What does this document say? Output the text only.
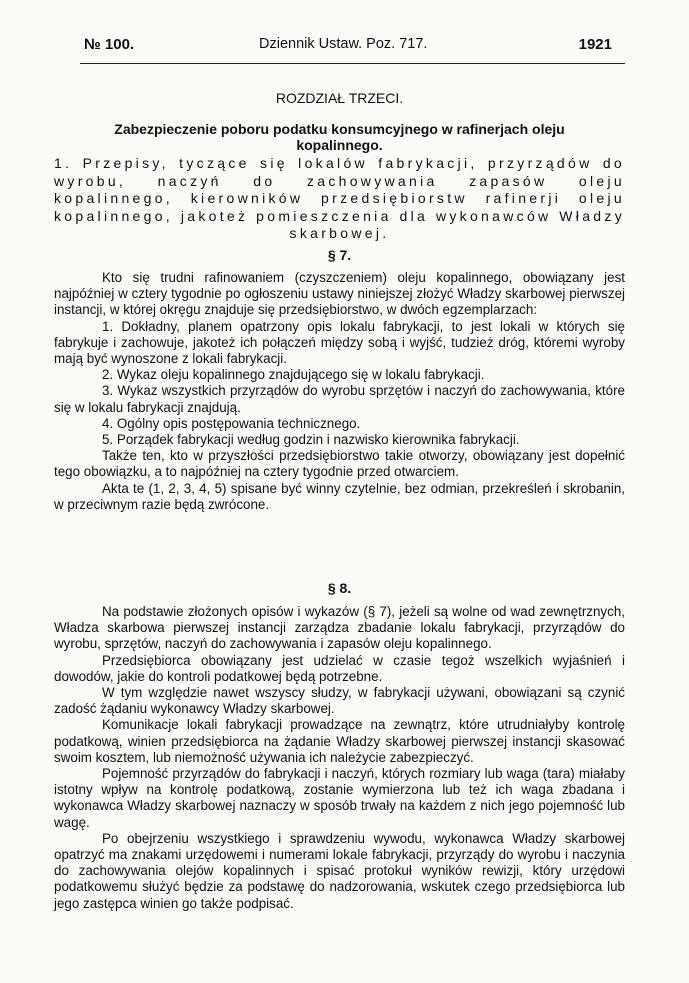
№ 100.	Dziennik Ustaw. Poz. 717.	1921
ROZDZIAŁ TRZECI.
Zabezpieczenie poboru podatku konsumcyjnego w rafinerjach oleju kopalinnego.
1. Przepisy, tyczące się lokalów fabrykacji, przyrządów do wyrobu, naczyń do zachowywania zapasów oleju kopalinnego, kierowników przedsiębiorstw rafinerji oleju kopalinnego, jakoteż pomieszczenia dla wykonawców Władzy skarbowej.
§ 7.

Kto się trudni rafinowaniem (czyszczeniem) oleju kopalinnego, obowiązany jest najpóźniej w cztery tygodnie po ogłoszeniu ustawy niniejszej złożyć Władzy skarbowej pierwszej instancji, w której okręgu znajduje się przedsiębiorstwo, w dwóch egzemplarzach:

1. Dokładny, planem opatrzony opis lokalu fabrykacji, to jest lokali w których się fabrykuje i zachowuje, jakoteż ich połączeń między sobą i wyjść, tudzież dróg, któremi wyroby mają być wynoszone z lokali fabrykacji.

2. Wykaz oleju kopalinnego znajdującego się w lokalu fabrykacji.

3. Wykaz wszystkich przyrządów do wyrobu sprzętów i naczyń do zachowywania, które się w lokalu fabrykacji znajdują.

4. Ogólny opis postępowania technicznego.

5. Porządek fabrykacji według godzin i nazwisko kierownika fabrykacji.

Także ten, kto w przyszłości przedsiębiorstwo takie otworzy, obowiązany jest dopełnić tego obowiązku, a to najpóźniej na cztery tygodnie przed otwarciem.

Akta te (1, 2, 3, 4, 5) spisane być winny czytelnie, bez odmian, przekreśleń i skrobanin, w przeciwnym razie będą zwrócone.

§ 8.

Na podstawie złożonych opisów i wykazów (§ 7), jeżeli są wolne od wad zewnętrznych, Władza skarbowa pierwszej instancji zarządza zbadanie lokalu fabrykacji, przyrządów do wyrobu, sprzętów, naczyń do zachowywania i zapasów oleju kopalinnego.

Przedsiębiorca obowiązany jest udzielać w czasie tegoż wszelkich wyjaśnień i dowodów, jakie do kontroli podatkowej będą potrzebne.

W tym względzie nawet wszyscy słudzy, w fabrykacji używani, obowiązani są czynić zadość żądaniu wykonawcy Władzy skarbowej.

Komunikacje lokali fabrykacji prowadzące na zewnątrz, które utrudniałyby kontrolę podatkową, winien przedsiębiorca na żądanie Władzy skarbowej pierwszej instancji skasować swoim kosztem, lub niemożność używania ich należycie zabezpieczyć.

Pojemność przyrządów do fabrykacji i naczyń, których rozmiary lub waga (tara) miałaby istotny wpływ na kontrolę podatkową, zostanie wymierzona lub też ich waga zbadana i wykonawca Władzy skarbowej naznaczy w sposób trwały na każdem z nich jego pojemność lub wagę.

Po obejrzeniu wszystkiego i sprawdzeniu wywodu, wykonawca Władzy skarbowej opatrzyć ma znakami urzędowemi i numerami lokale fabrykacji, przyrządy do wyrobu i naczynia do zachowywania olejów kopalinnych i spisać protokuł wyników rewizji, który urzędowi podatkowemu służyć będzie za podstawę do nadzorowania, wskutek czego przedsiębiorca lub jego zastępca winien go także podpisać.
